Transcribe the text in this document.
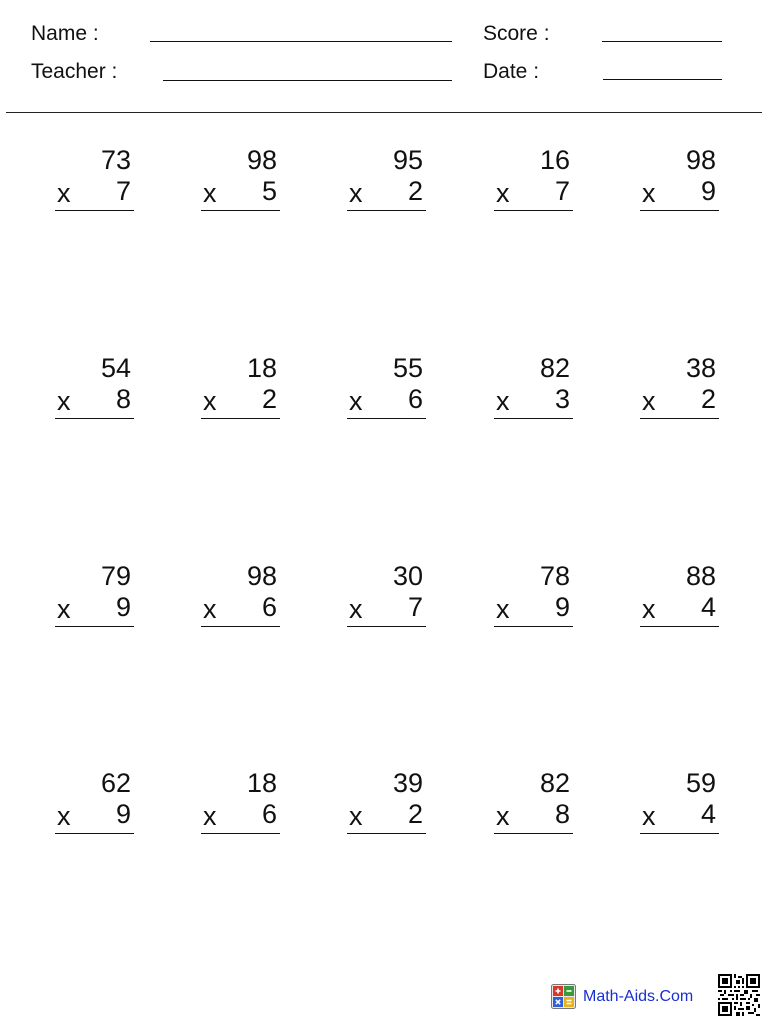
Name :
Teacher :
Score :
Date :
73
x 7
98
x 5
95
x 2
16
x 7
98
x 9
54
x 8
18
x 2
55
x 6
82
x 3
38
x 2
79
x 9
98
x 6
30
x 7
78
x 9
88
x 4
62
x 9
18
x 6
39
x 2
82
x 8
59
x 4
Math-Aids.Com
